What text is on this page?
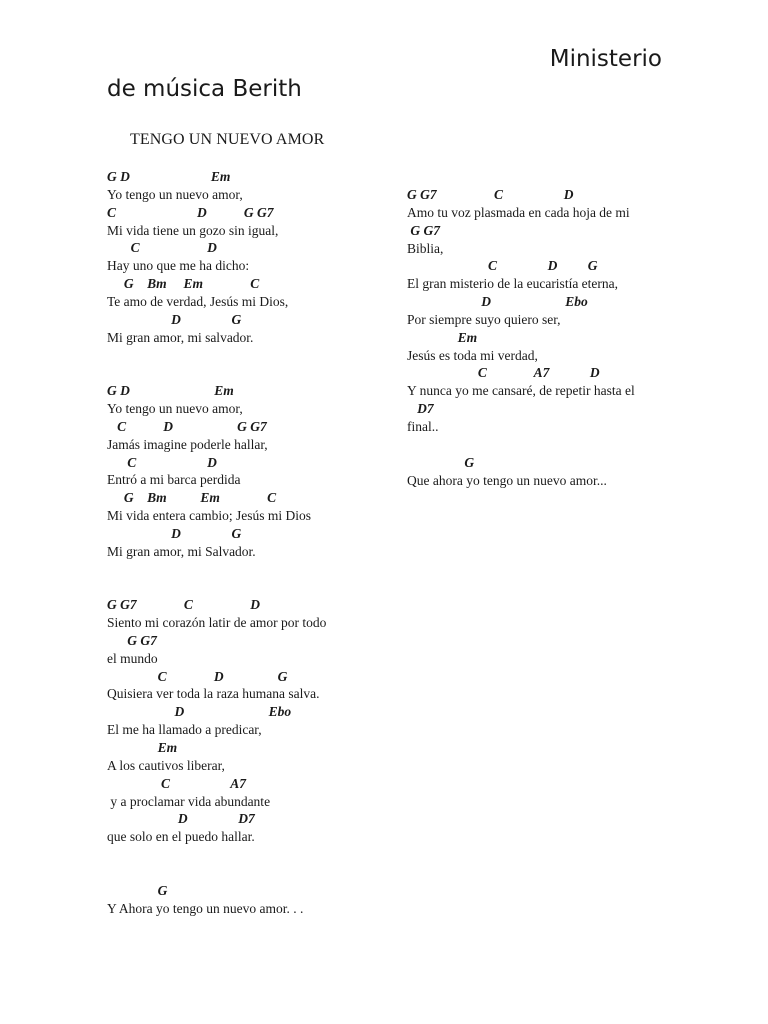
Ministerio
de música Berith
TENGO UN NUEVO AMOR
G D                        Em
Yo tengo un nuevo amor,
C                        D           G G7
Mi vida tiene un gozo sin igual,
C                    D
Hay uno que me ha dicho:
G    Bm     Em              C
Te amo de verdad, Jesús mi Dios,
D               G
Mi gran amor, mi salvador.
G D                         Em
Yo tengo un nuevo amor,
C           D                   G G7
Jamás imagine poderle hallar,
C                     D
Entró a mi barca perdida
G    Bm          Em              C
Mi vida entera cambio; Jesús mi Dios
D               G
Mi gran amor, mi Salvador.
G G7              C                 D
Siento mi corazón latir de amor por todo
G G7
el mundo
C              D                G
Quisiera ver toda la raza humana salva.
D                         Ebo
El me ha llamado a predicar,
Em
A los cautivos liberar,
C                  A7
y a proclamar vida abundante
D               D7
que solo en el puedo hallar.
G
Y Ahora yo tengo un nuevo amor. . .
G G7                 C                  D
Amo tu voz plasmada en cada hoja de mi
G G7
Biblia,
C               D         G
El gran misterio de la eucaristía eterna,
D                      Ebo
Por siempre suyo quiero ser,
Em
Jesús es toda mi verdad,
C              A7            D
Y nunca yo me cansaré, de repetir hasta el
D7
final..
G
Que ahora yo tengo un nuevo amor...
